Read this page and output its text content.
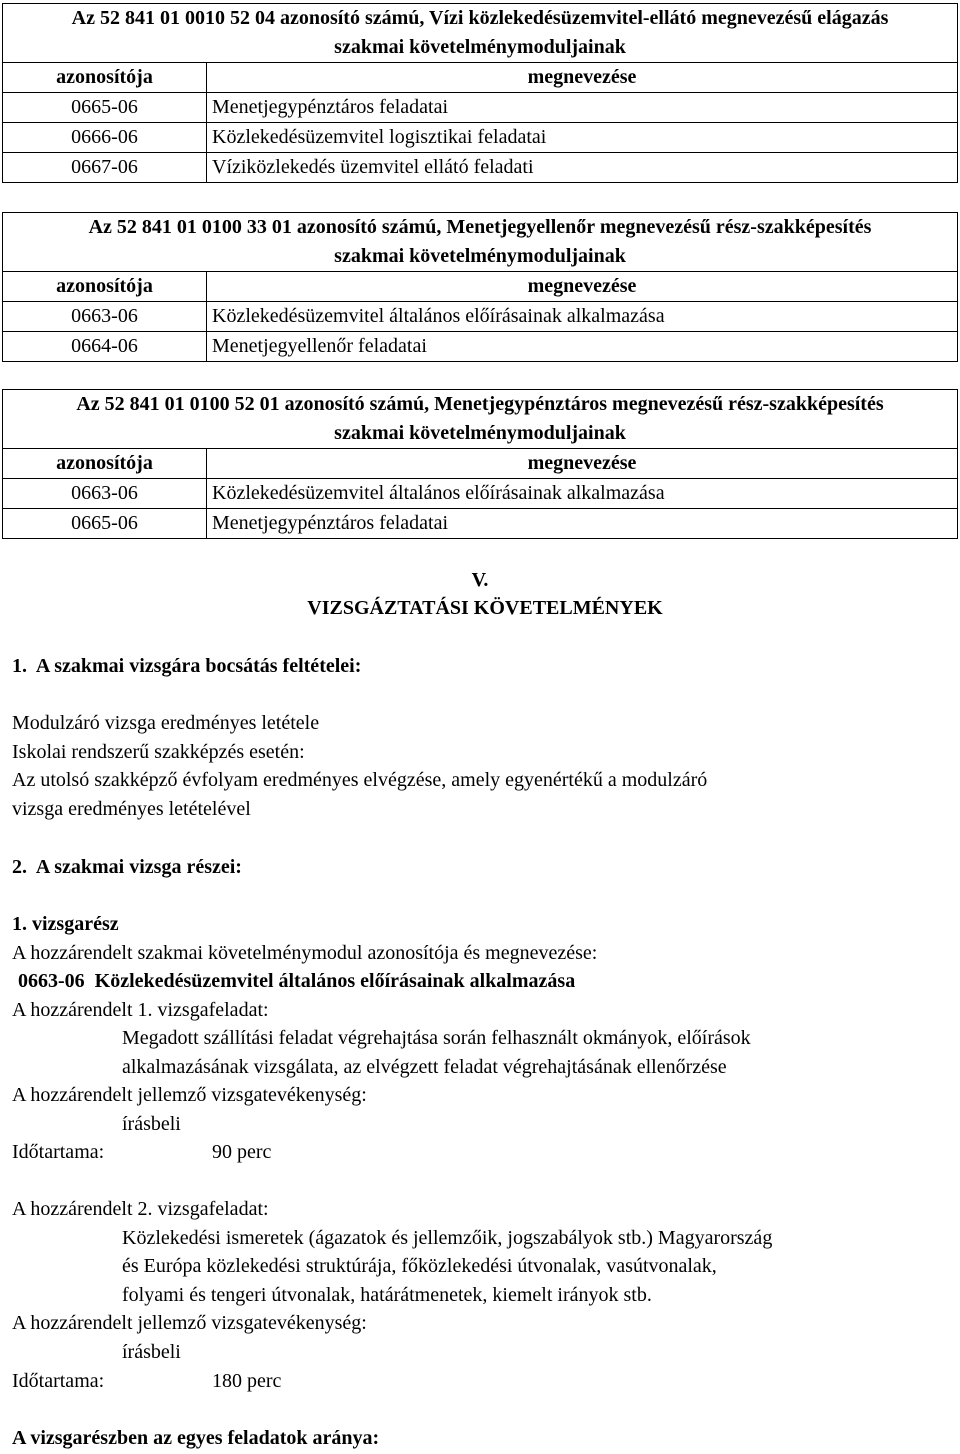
Az 52 841 01 0010 52 04 azonosító számú, Vízi közlekedésüzemvitel-ellátó megnevezésű elágazás szakmai követelménymoduljainak	
azonosítója	megnevezése
0665-06	Menetjegypénztáros feladatai
0666-06	Közlekedésüzemvitel logisztikai feladatai
0667-06	Víziközlekedés üzemvitel ellátó feladati
Az 52 841 01 0100 33 01 azonosító számú, Menetjegyellenőr megnevezésű rész-szakképesítés szakmai követelménymoduljainak	
azonosítója	megnevezése
0663-06	Közlekedésüzemvitel általános előírásainak alkalmazása
0664-06	Menetjegyellenőr feladatai
Az 52 841 01 0100 52 01 azonosító számú, Menetjegypénztáros megnevezésű rész-szakképesítés szakmai követelménymoduljainak	
azonosítója	megnevezése
0663-06	Közlekedésüzemvitel általános előírásainak alkalmazása
0665-06	Menetjegypénztáros feladatai
V.
VIZSGÁZTATÁSI KÖVETELMÉNYEK
1.  A szakmai vizsgára bocsátás feltételei:
Modulzáró vizsga eredményes letétele
Iskolai rendszerű szakképzés esetén:
Az utolsó szakképző évfolyam eredményes elvégzése, amely egyenértékű a modulzáró
vizsga eredményes letételével
2.  A szakmai vizsga részei:
1. vizsgarész
A hozzárendelt szakmai követelménymodul azonosítója és megnevezése:
0663-06  Közlekedésüzemvitel általános előírásainak alkalmazása
A hozzárendelt 1. vizsgafeladat:
Megadott szállítási feladat végrehajtása során felhasznált okmányok, előírások
alkalmazásának vizsgálata, az elvégzett feladat végrehajtásának ellenőrzése
A hozzárendelt jellemző vizsgatevékenység:
írásbeli
Időtartama:	90 perc
A hozzárendelt 2. vizsgafeladat:
Közlekedési ismeretek (ágazatok és jellemzőik, jogszabályok stb.) Magyarország
és Európa közlekedési struktúrája, főközlekedési útvonalak, vasútvonalak,
folyami és tengeri útvonalak, határátmenetek, kiemelt irányok stb.
A hozzárendelt jellemző vizsgatevékenység:
írásbeli
Időtartama:	180 perc
A vizsgarészben az egyes feladatok aránya:
